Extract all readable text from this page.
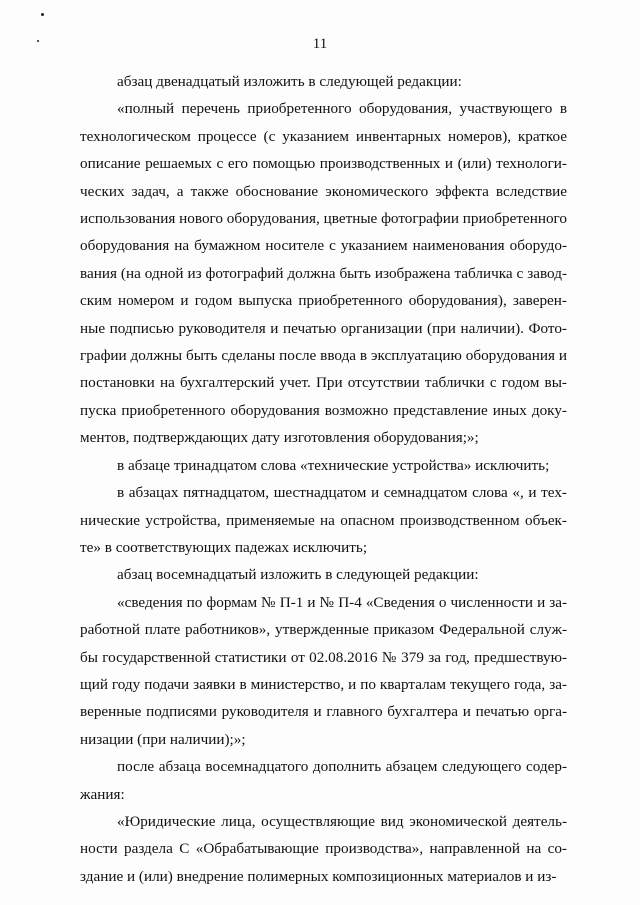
11
абзац двенадцатый изложить в следующей редакции:
«полный перечень приобретенного оборудования, участвующего в
технологическом процессе (с указанием инвентарных номеров), краткое
описание решаемых с его помощью производственных и (или) технологи-
ческих задач, а также обоснование экономического эффекта вследствие
использования нового оборудования, цветные фотографии приобретенного
оборудования на бумажном носителе с указанием наименования оборудо-
вания (на одной из фотографий должна быть изображена табличка с завод-
ским номером и годом выпуска приобретенного оборудования), заверен-
ные подписью руководителя и печатью организации (при наличии). Фото-
графии должны быть сделаны после ввода в эксплуатацию оборудования и
постановки на бухгалтерский учет. При отсутствии таблички с годом вы-
пуска приобретенного оборудования возможно представление иных доку-
ментов, подтверждающих дату изготовления оборудования;»;
в абзаце тринадцатом слова «технические устройства» исключить;
в абзацах пятнадцатом, шестнадцатом и семнадцатом слова «, и тех-
нические устройства, применяемые на опасном производственном объек-
те» в соответствующих падежах исключить;
абзац восемнадцатый изложить в следующей редакции:
«сведения по формам № П-1 и № П-4 «Сведения о численности и за-
работной плате работников», утвержденные приказом Федеральной служ-
бы государственной статистики от 02.08.2016 № 379 за год, предшествую-
щий году подачи заявки в министерство, и по кварталам текущего года, за-
веренные подписями руководителя и главного бухгалтера и печатью орга-
низации (при наличии);»;
после абзаца восемнадцатого дополнить абзацем следующего содер-
жания:
«Юридические лица, осуществляющие вид экономической деятель-
ности раздела С «Обрабатывающие производства», направленной на со-
здание и (или) внедрение полимерных композиционных материалов и из-
